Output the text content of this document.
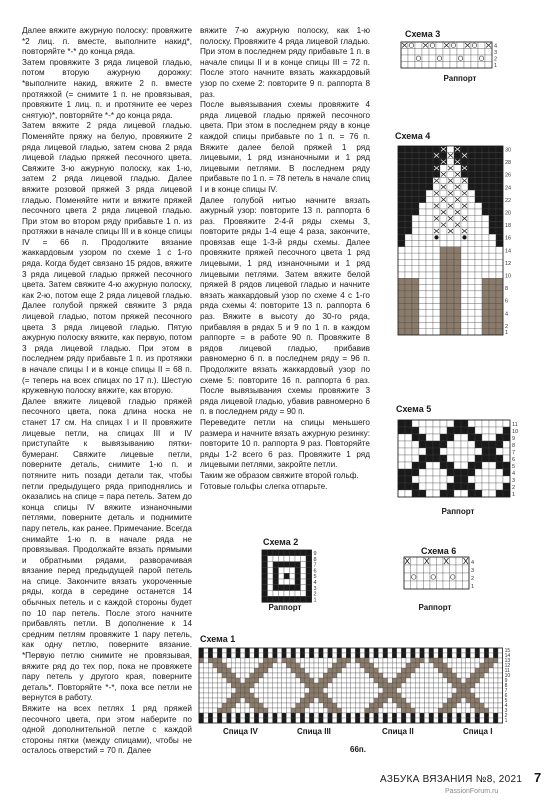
Далее вяжите ажурную полоску: провяжите *2 лиц. п. вместе, выполните накид*, повторяйте *-* до конца ряда.

Затем провяжите 3 ряда лицевой гладью, потом вторую ажурную дорожку: *выполните накид, вяжите 2 п. вместе протяжкой (= снимите 1 п. не провязывая, провяжите 1 лиц. п. и протяните ее через снятую)*, повторяйте *-* до конца ряда.

Затем вяжите 2 ряда лицевой гладью. Поменяйте пряжу на белую, провяжите 2 ряда лицевой гладью, затем снова 2 ряда лицевой гладью пряжей песочного цвета. Свяжите 3-ю ажурную полоску, как 1-ю, затем 2 ряда лицевой гладью. Далее вяжите розовой пряжей 3 ряда лицевой гладью. Поменяйте нити и вяжите пряжей песочного цвета 2 ряда лицевой гладью. При этом во втором ряду прибавьте 1 п. из протяжки в начале спицы III и в конце спицы IV = 66 п. Продолжите вязание жаккардовым узором по схеме 1 с 1-го ряда. Когда будет связано 15 рядов, вяжите 3 ряда лицевой гладью пряжей песочного цвета. Затем свяжите 4-ю ажурную полоску, как 2-ю, потом еще 2 ряда лицевой гладью. Далее голубой пряжей свяжите 3 ряда лицевой гладью, потом пряжей песочного цвета 3 ряда лицевой гладью. Пятую ажурную полоску вяжите, как первую, потом 3 ряда лицевой гладью. При этом в последнем ряду прибавьте 1 п. из протяжки в начале спицы I и в конце спицы II = 68 п. (= теперь на всех спицах по 17 п.). Шестую кружевную полоску вяжите, как вторую.

Далее вяжите лицевой гладью пряжей песочного цвета, пока длина носка не станет 17 см. На спицах I и II провяжите лицевые петли, на спицах III и IV приступайте к вывязыванию пятки-бумеранг. Свяжите лицевые петли, поверните деталь, снимите 1-ю п. и потяните нить позади детали так, чтобы петли предыдущего ряда приподнялись и оказались на спице = пара петель. Затем до конца спицы IV вяжите изнаночными петлями, поверните деталь и поднимите пару петель, как ранее. Примечание. Всегда снимайте 1-ю п. в начале ряда не провязывая. Продолжайте вязать прямыми и обратными рядами, разворачивая вязание перед предыдущей парой петель на спице. Закончите вязать укороченные ряды, когда в середине останется 14 обычных петель и с каждой стороны будет по 10 пар петель. После этого начните прибавлять петли. В дополнение к 14 средним петлям провяжите 1 пару петель, как одну петлю, поверните вязание. *Первую петлю снимите не провязывая, вяжите ряд до тех пор, пока не провяжете пару петель у другого края, поверните деталь*. Повторяйте *-*, пока все петли не вернутся в работу.

Вяжите на всех петлях 1 ряд пряжей песочного цвета, при этом наберите по одной дополнительной петле с каждой стороны пятки (между спицами), чтобы не осталось отверстий = 70 п. Далее

вяжите 7-ю ажурную полоску, как 1-ю полоску. Провяжите 4 ряда лицевой гладью. При этом в последнем ряду прибавьте 1 п. в начале спицы II и в конце спицы III = 72 п. После этого начните вязать жаккардовый узор по схеме 2: повторите 9 п. раппорта 8 раз.

После вывязывания схемы провяжите 4 ряда лицевой гладью пряжей песочного цвета. При этом в последнем ряду в конце каждой спицы прибавьте по 1 п. = 76 п. Вяжите далее белой пряжей 1 ряд лицевыми, 1 ряд изнаночными и 1 ряд лицевыми петлями. В последнем ряду прибавьте по 1 п. = 78 петель в начале спиц I и в конце спицы IV.

Далее голубой нитью начните вязать ажурный узор: повторите 13 п. раппорта 6 раз. Провяжите 2-4-й ряды схемы 3, повторите ряды 1-4 еще 4 раза, закончите, провязав еще 1-3-й ряды схемы. Далее провяжите пряжей песочного цвета 1 ряд лицевыми, 1 ряд изнаночными и 1 ряд лицевыми петлями. Затем вяжите белой пряжей 8 рядов лицевой гладью и начните вязать жаккардовый узор по схеме 4 с 1-го ряда схемы 4: повторите 13 п. раппорта 6 раз. Вяжите в высоту до 30-го ряда, прибавляя в рядах 5 и 9 по 1 п. в каждом раппорте = в работе 90 п. Провяжите 8 рядов лицевой гладью, прибавив равномерно 6 п. в последнем ряду = 96 п. Продолжите вязать жаккардовый узор по схеме 5: повторите 16 п. раппорта 6 раз. После вывязывания схемы провяжите 3 ряда лицевой гладью, убавив равномерно 6 п. в последнем ряду = 90 п.

Переведите петли на спицы меньшего размера и начните вязать ажурную резинку: повторите 10 п. раппорта 9 раз. Повторяйте ряды 1-2 всего 6 раз. Провяжите 1 ряд лицевыми петлями, закройте петли.

Таким же образом свяжите второй гольф.

Готовые гольфы слегка отпарьте.

Схема 3
4
3
2
1
Раппорт
Схема 4
30
28
26
24
22
20
18
16
14
12
10
8
6
4
2
1
Схема 5
11
10
9
8
7
6
5
4
3
2
1
Раппорт
Схема 2
9
8
7
6
5
4
3
2
1
Раппорт
Схема 6
4
3
2
1
Раппорт
Схема 1
15
14
13
12
11
10
9
8
7
6
5
4
3
2
1
Спица IV	Спица III	Спица II	Спица I
66п.
АЗБУКА ВЯЗАНИЯ №8, 2021 7
PassionForum.ru
